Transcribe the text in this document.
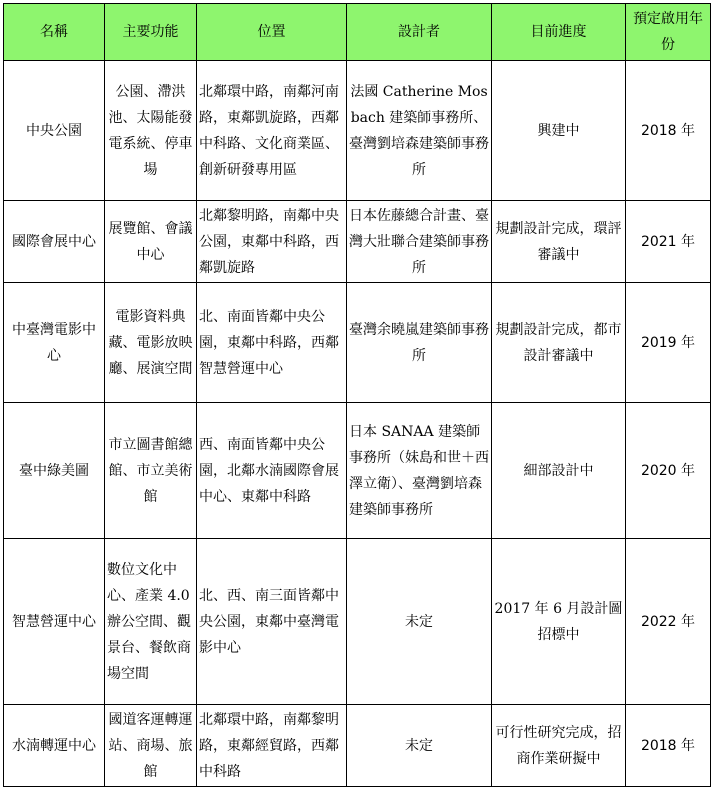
名稱	主要功能	位置	設計者	目前進度	預定啟用年份
中央公園	公園、滯洪池、太陽能發電系統、停車場	北鄰環中路，南鄰河南路，東鄰凱旋路，西鄰中科路、文化商業區、創新研發專用區	法國 Catherine Mosbach 建築師事務所、臺灣劉培森建築師事務所	興建中	2018 年
國際會展中心	展覽館、會議中心	北鄰黎明路，南鄰中央公園，東鄰中科路，西鄰凱旋路	日本佐藤總合計畫、臺灣大壯聯合建築師事務所	規劃設計完成，環評審議中	2021 年
中臺灣電影中心	電影資料典藏、電影放映廳、展演空間	北、南面皆鄰中央公園，東鄰中科路，西鄰智慧營運中心	臺灣余曉嵐建築師事務所	規劃設計完成，都市設計審議中	2019 年
臺中綠美圖	市立圖書館總館、市立美術館	西、南面皆鄰中央公園，北鄰水湳國際會展中心、東鄰中科路	日本 SANAA 建築師事務所（妹島和世＋西澤立衛）、臺灣劉培森建築師事務所	細部設計中	2020 年
智慧營運中心	數位文化中心、產業 4.0 辦公空間、觀景台、餐飲商場空間	北、西、南三面皆鄰中央公園，東鄰中臺灣電影中心	未定	2017 年 6 月設計圖招標中	2022 年
水湳轉運中心	國道客運轉運站、商場、旅館	北鄰環中路，南鄰黎明路，東鄰經貿路，西鄰中科路	未定	可行性研究完成，招商作業研擬中	2018 年
